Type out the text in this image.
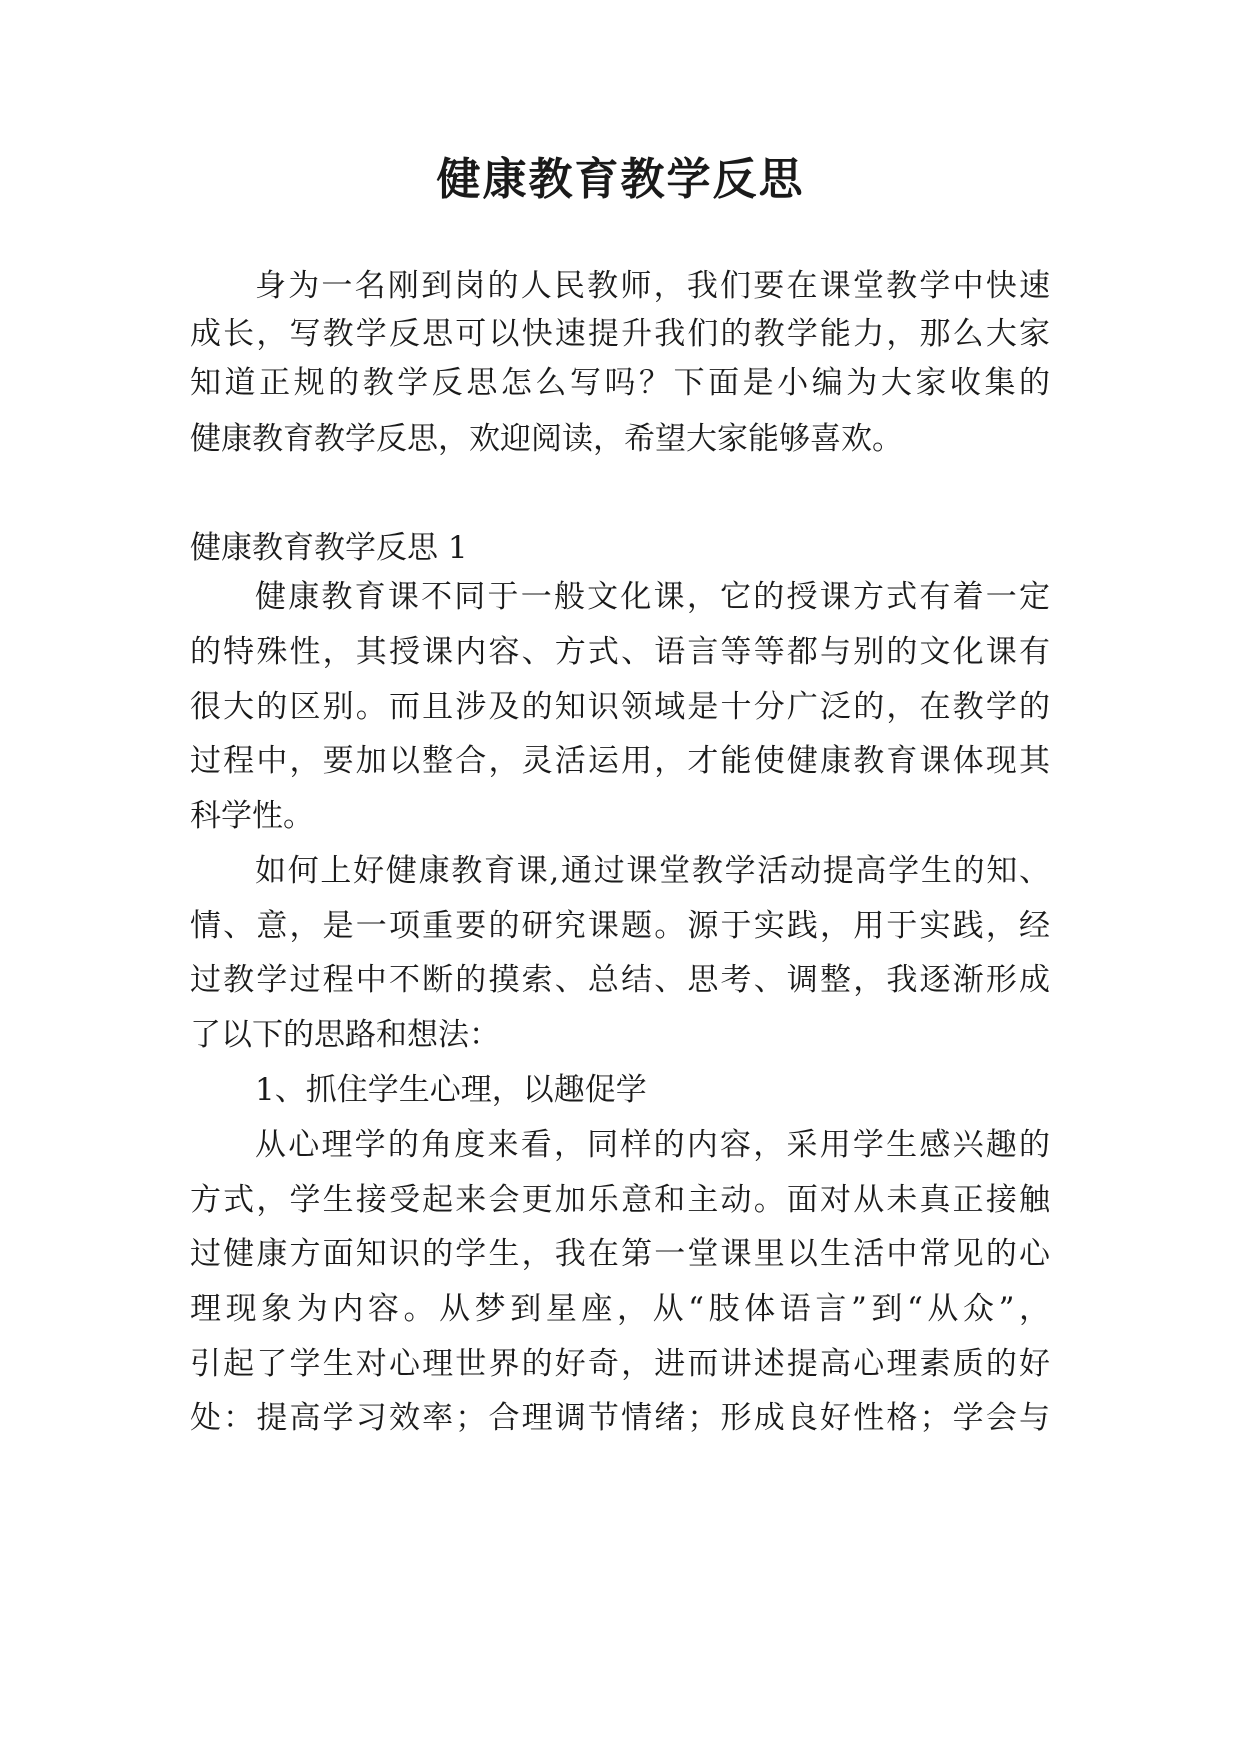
健康教育教学反思
身为一名刚到岗的人民教师，我们要在课堂教学中快速
成长，写教学反思可以快速提升我们的教学能力，那么大家
知道正规的教学反思怎么写吗？下面是小编为大家收集的
健康教育教学反思，欢迎阅读，希望大家能够喜欢。
健康教育教学反思 1
健康教育课不同于一般文化课，它的授课方式有着一定
的特殊性，其授课内容、方式、语言等等都与别的文化课有
很大的区别。而且涉及的知识领域是十分广泛的，在教学的
过程中，要加以整合，灵活运用，才能使健康教育课体现其
科学性。
如何上好健康教育课,通过课堂教学活动提高学生的知、
情、意，是一项重要的研究课题。源于实践，用于实践，经
过教学过程中不断的摸索、总结、思考、调整，我逐渐形成
了以下的思路和想法：
1、抓住学生心理，以趣促学
从心理学的角度来看，同样的内容，采用学生感兴趣的
方式，学生接受起来会更加乐意和主动。面对从未真正接触
过健康方面知识的学生，我在第一堂课里以生活中常见的心
理现象为内容。从梦到星座，从“肢体语言”到“从众”，
引起了学生对心理世界的好奇，进而讲述提高心理素质的好
处：提高学习效率；合理调节情绪；形成良好性格；学会与
